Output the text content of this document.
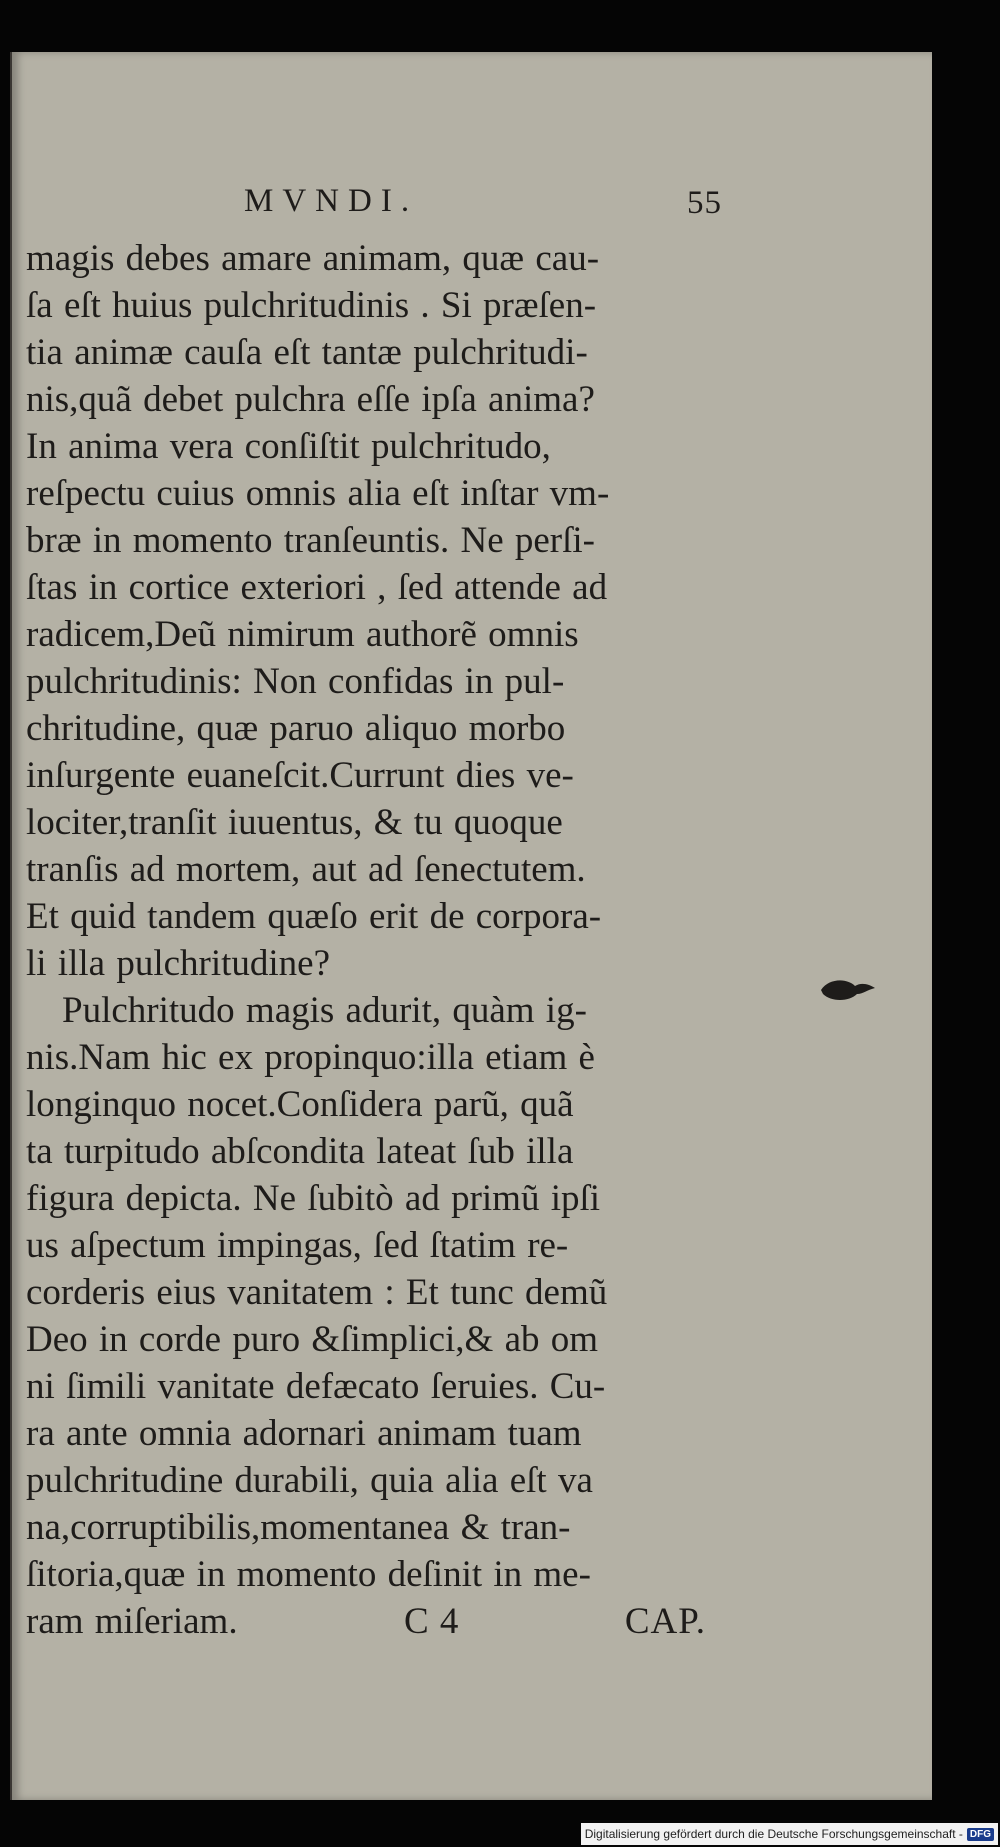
MVNDI.	55
magis debes amare animam, quæ cau-
ſa eſt huius pulchritudinis . Si præſen-
tia animæ cauſa eſt tantæ pulchritudi-
nis,quã debet pulchra eſſe ipſa anima?
In anima vera conſiſtit pulchritudo,
reſpectu cuius omnis alia eſt inſtar vm-
bræ in momento tranſeuntis. Ne perſi-
ſtas in cortice exteriori , ſed attende ad
radicem,Deũ nimirum authorẽ omnis
pulchritudinis: Non confidas in pul-
chritudine, quæ paruo aliquo morbo
inſurgente euaneſcit.Currunt dies ve-
lociter,tranſit iuuentus, & tu quoque
tranſis ad mortem, aut ad ſenectutem.
Et quid tandem quæſo erit de corpora-
li illa pulchritudine?
Pulchritudo magis adurit, quàm ig-
nis.Nam hic ex propinquo:illa etiam è
longinquo nocet.Conſidera parũ, quã
ta turpitudo abſcondita lateat ſub illa
figura depicta. Ne ſubitò ad primũ ipſi
us aſpectum impingas, ſed ſtatim re-
corderis eius vanitatem : Et tunc demũ
Deo in corde puro &ſimplici,& ab om
ni ſimili vanitate defæcato ſeruies. Cu-
ra ante omnia adornari animam tuam
pulchritudine durabili, quia alia eſt va
na,corruptibilis,momentanea & tran-
ſitoria,quæ in momento deſinit in me-
ram miſeriam.	C 4	CAP.
Digitalisierung gefördert durch die Deutsche Forschungsgemeinschaft - DFG
